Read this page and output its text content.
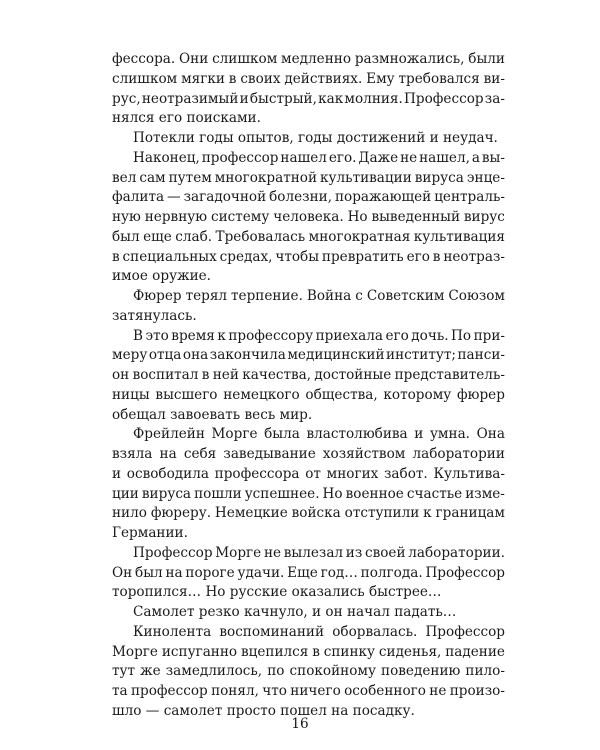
фессора. Они слишком медленно размножались, были
слишком мягки в своих действиях. Ему требовался ви-
рус, неотразимый и быстрый, как молния. Профессор за-
нялся его поисками.
Потекли годы опытов, годы достижений и неудач.
Наконец, профессор нашел его. Даже не нашел, а вы-
вел сам путем многократной культивации вируса энце-
фалита — загадочной болезни, поражающей централь-
ную нервную систему человека. Но выведенный вирус
был еще слаб. Требовалась многократная культивация
в специальных средах, чтобы превратить его в неотраз-
имое оружие.
Фюрер терял терпение. Война с Советским Союзом
затянулась.
В это время к профессору приехала его дочь. По при-
меру отца она закончила медицинский институт; панси-
он воспитал в ней качества, достойные представитель-
ницы высшего немецкого общества, которому фюрер
обещал завоевать весь мир.
Фрейлейн Морге была властолюбива и умна. Она
взяла на себя заведывание хозяйством лаборатории
и освободила профессора от многих забот. Культива-
ции вируса пошли успешнее. Но военное счастье изме-
нило фюреру. Немецкие войска отступили к границам
Германии.
Профессор Морге не вылезал из своей лаборатории.
Он был на пороге удачи. Еще год… полгода. Профессор
торопился… Но русские оказались быстрее…
Самолет резко качнуло, и он начал падать…
Кинолента воспоминаний оборвалась. Профессор
Морге испуганно вцепился в спинку сиденья, падение
тут же замедлилось, по спокойному поведению пило-
та профессор понял, что ничего особенного не произо-
шло — самолет просто пошел на посадку.
16
